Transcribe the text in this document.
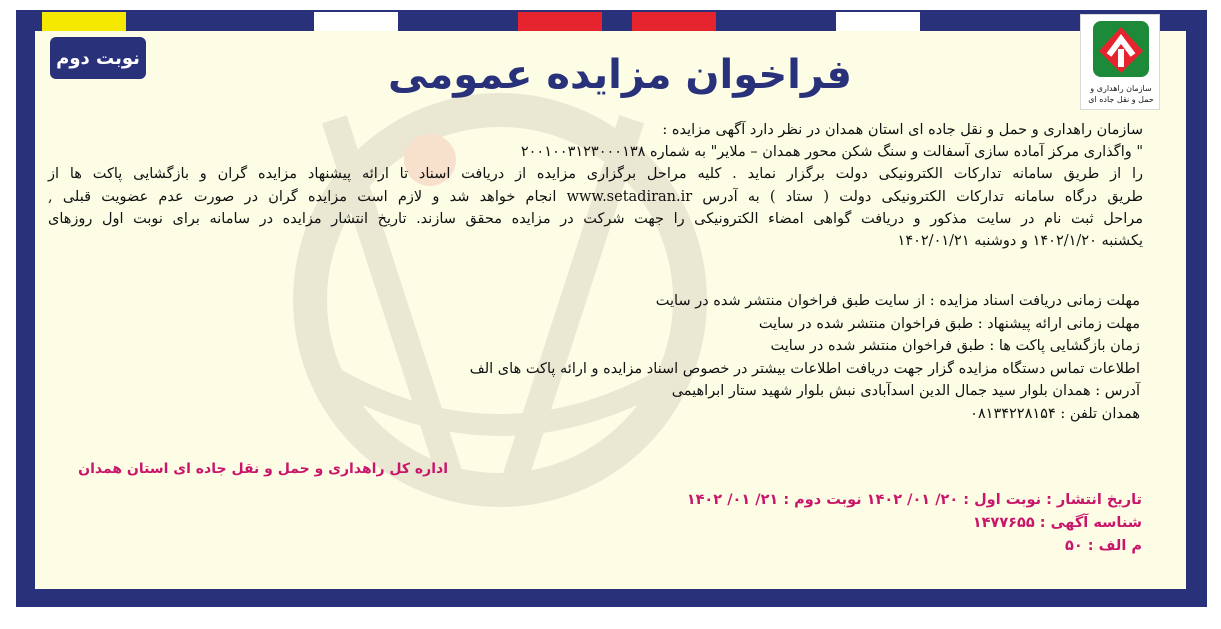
نوبت دوم
سازمان راهداری و حمل و نقل جاده ای
فراخوان مزایده عمومی
سازمان راهداری و حمل و نقل جاده ای استان همدان در نظر دارد آگهی مزایده :
" واگذاری مرکز آماده سازی آسفالت و سنگ شکن محور همدان – ملایر" به شماره ۲۰۰۱۰۰۳۱۲۳۰۰۰۱۳۸
را از طریق سامانه تدارکات الکترونیکی دولت برگزار نماید . کلیه مراحل برگزاری مزایده از دریافت اسناد تا ارائه پیشنهاد مزایده گران و بازگشایی پاکت ها از
طریق درگاه سامانه تدارکات الکترونیکی دولت ( ستاد ) به آدرس www.setadiran.ir انجام خواهد شد و لازم است مزایده گران در صورت عدم عضویت قبلی ,
مراحل ثبت نام در سایت مذکور و دریافت گواهی امضاء الکترونیکی را جهت شرکت در مزایده محقق سازند. تاریخ انتشار مزایده در سامانه برای نوبت اول روزهای
یکشنبه ۱۴۰۲/۱/۲۰ و دوشنبه ۱۴۰۲/۰۱/۲۱
مهلت زمانی دریافت اسناد مزایده : از سایت طبق فراخوان منتشر شده در سایت
مهلت زمانی ارائه پیشنهاد : طبق فراخوان منتشر شده در سایت
زمان بازگشایی پاکت ها : طبق فراخوان منتشر شده در سایت
اطلاعات تماس دستگاه مزایده گزار جهت دریافت اطلاعات بیشتر در خصوص اسناد مزایده و ارائه پاکت های الف
آدرس : همدان بلوار سید جمال الدین اسدآبادی نبش بلوار شهید ستار ابراهیمی
همدان تلفن : ۰۸۱۳۴۲۲۸۱۵۴
اداره کل راهداری و حمل و نقل جاده ای استان همدان
تاریخ انتشار : نوبت اول : ۲۰/ ۰۱/ ۱۴۰۲ نوبت دوم : ۲۱/ ۰۱/ ۱۴۰۲
شناسه آگهی : ۱۴۷۷۶۵۵
م الف : ۵۰
